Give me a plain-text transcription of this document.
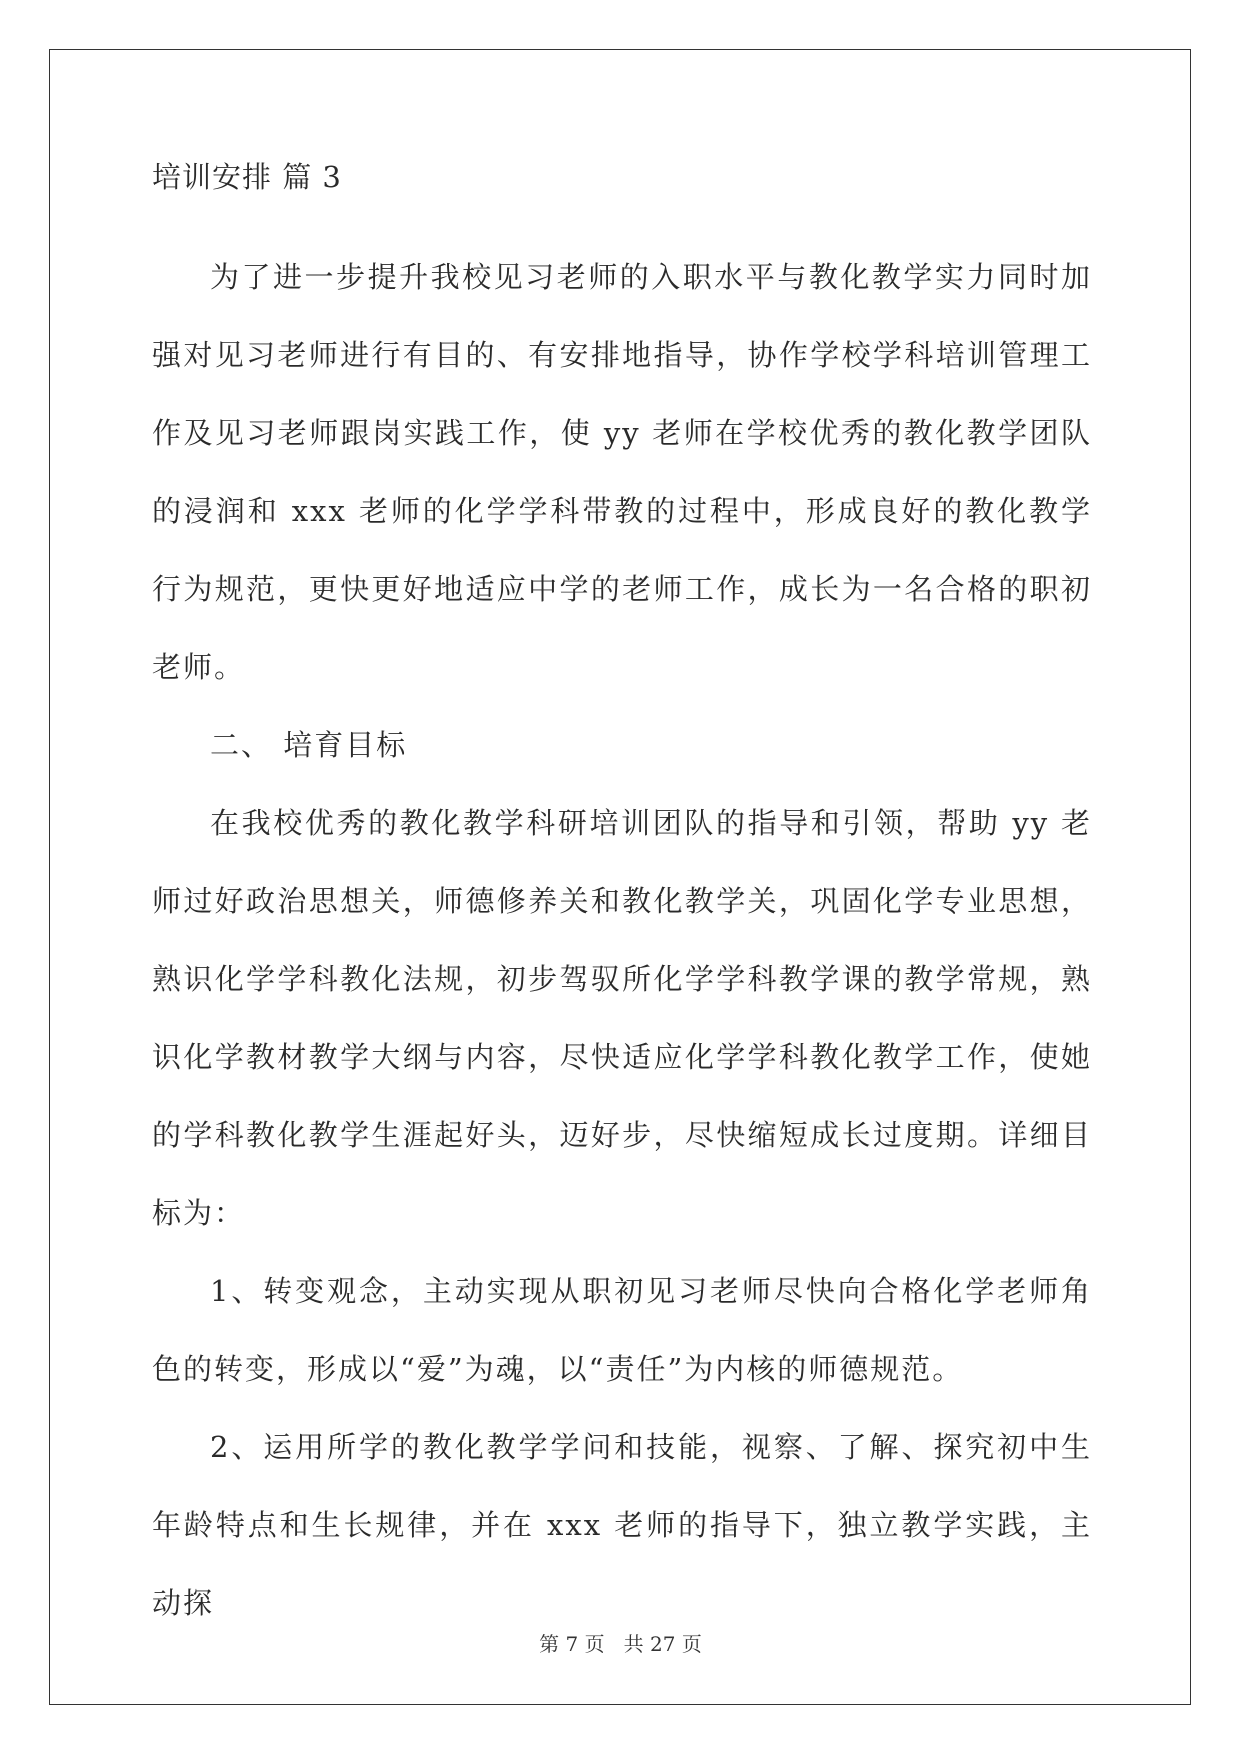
培训安排 篇 3

为了进一步提升我校见习老师的入职水平与教化教学实力同时加强对见习老师进行有目的、有安排地指导，协作学校学科培训管理工作及见习老师跟岗实践工作，使 yy 老师在学校优秀的教化教学团队的浸润和 xxx 老师的化学学科带教的过程中，形成良好的教化教学行为规范，更快更好地适应中学的老师工作，成长为一名合格的职初老师。

二、 培育目标

在我校优秀的教化教学科研培训团队的指导和引领，帮助 yy 老师过好政治思想关，师德修养关和教化教学关，巩固化学专业思想，熟识化学学科教化法规，初步驾驭所化学学科教学课的教学常规，熟识化学教材教学大纲与内容，尽快适应化学学科教化教学工作，使她的学科教化教学生涯起好头，迈好步，尽快缩短成长过度期。详细目标为：

1、转变观念，主动实现从职初见习老师尽快向合格化学老师角色的转变，形成以“爱”为魂，以“责任”为内核的师德规范。

2、运用所学的教化教学学问和技能，视察、了解、探究初中生年龄特点和生长规律，并在 xxx 老师的指导下，独立教学实践，主动探

第 7 页 共 27 页
